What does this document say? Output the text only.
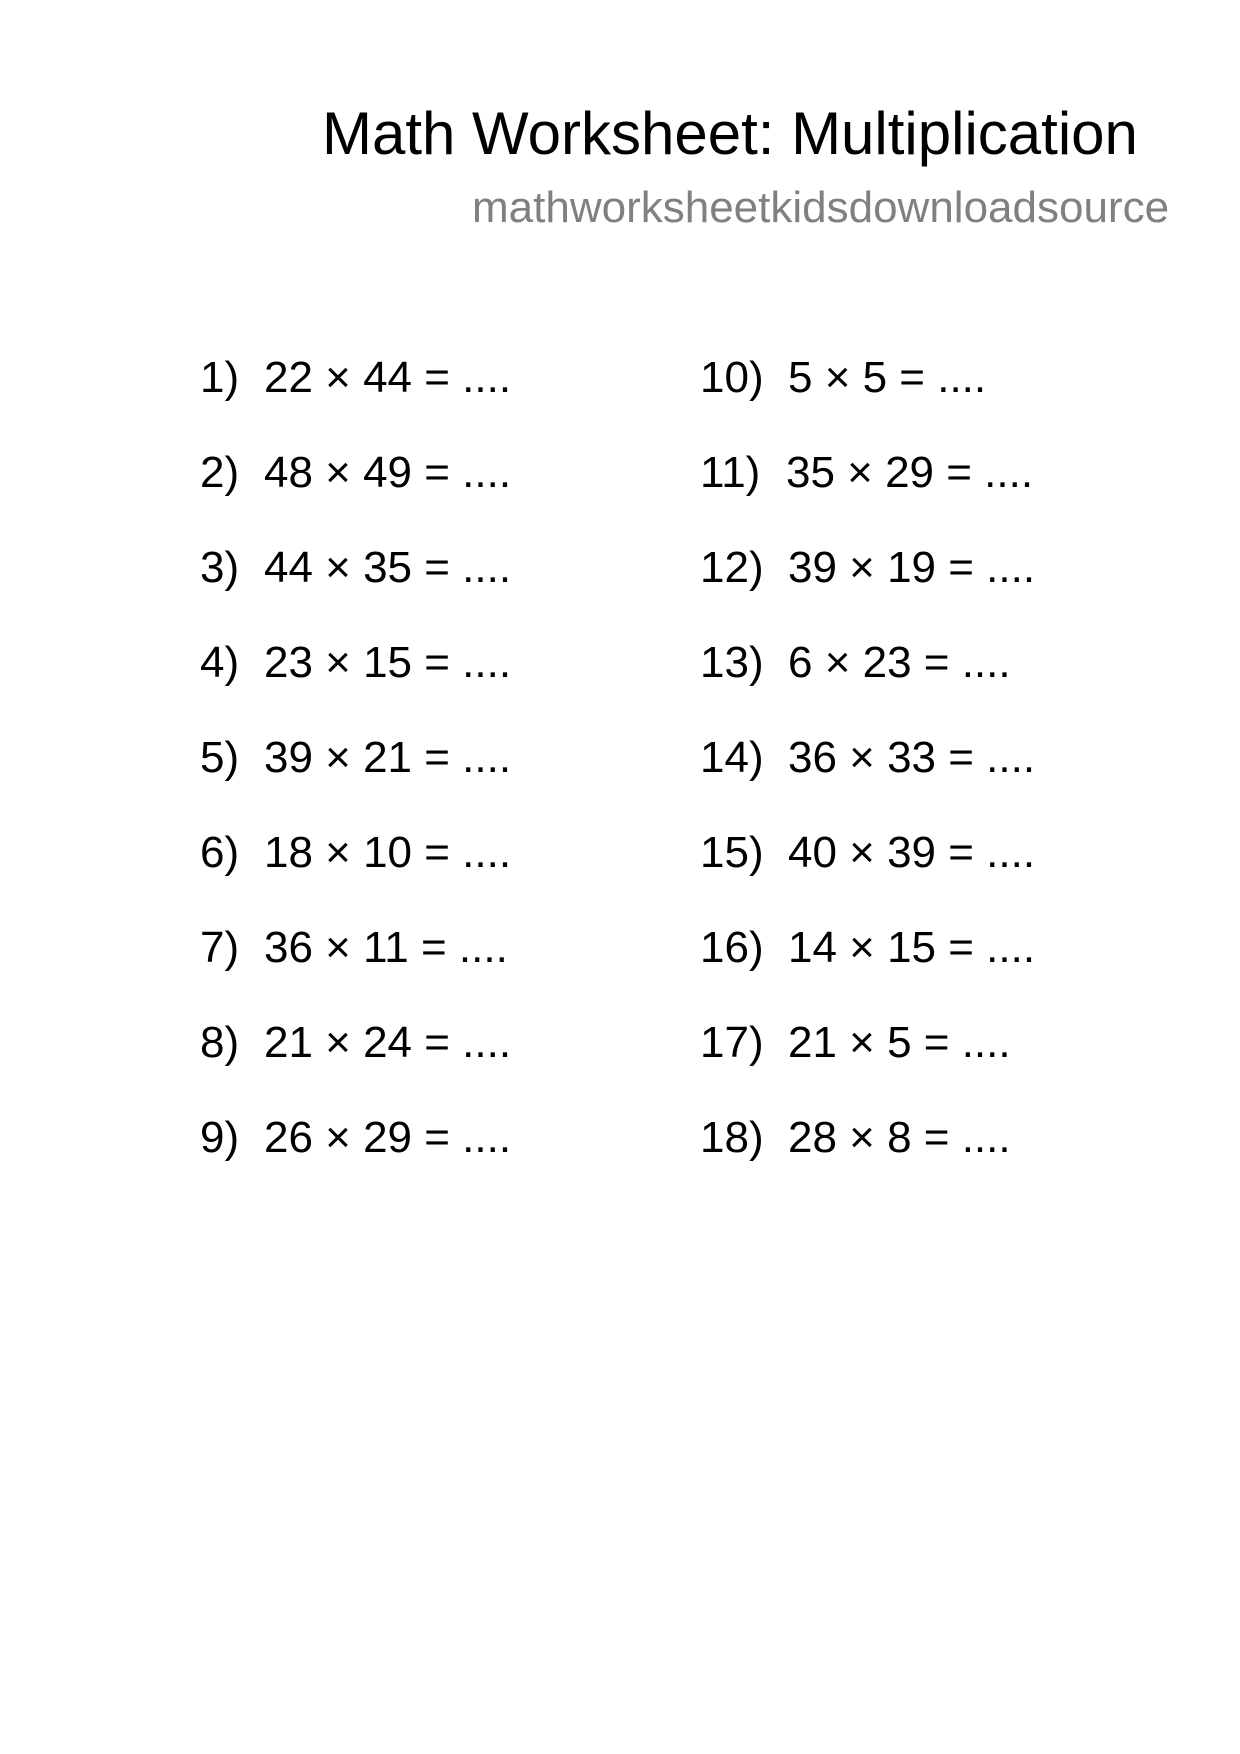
Math Worksheet: Multiplication
mathworksheetkidsdownloadsource
1) 22 × 44 = ....
2) 48 × 49 = ....
3) 44 × 35 = ....
4) 23 × 15 = ....
5) 39 × 21 = ....
6) 18 × 10 = ....
7) 36 × 11 = ....
8) 21 × 24 = ....
9) 26 × 29 = ....
10) 5 × 5 = ....
11) 35 × 29 = ....
12) 39 × 19 = ....
13) 6 × 23 = ....
14) 36 × 33 = ....
15) 40 × 39 = ....
16) 14 × 15 = ....
17) 21 × 5 = ....
18) 28 × 8 = ....
